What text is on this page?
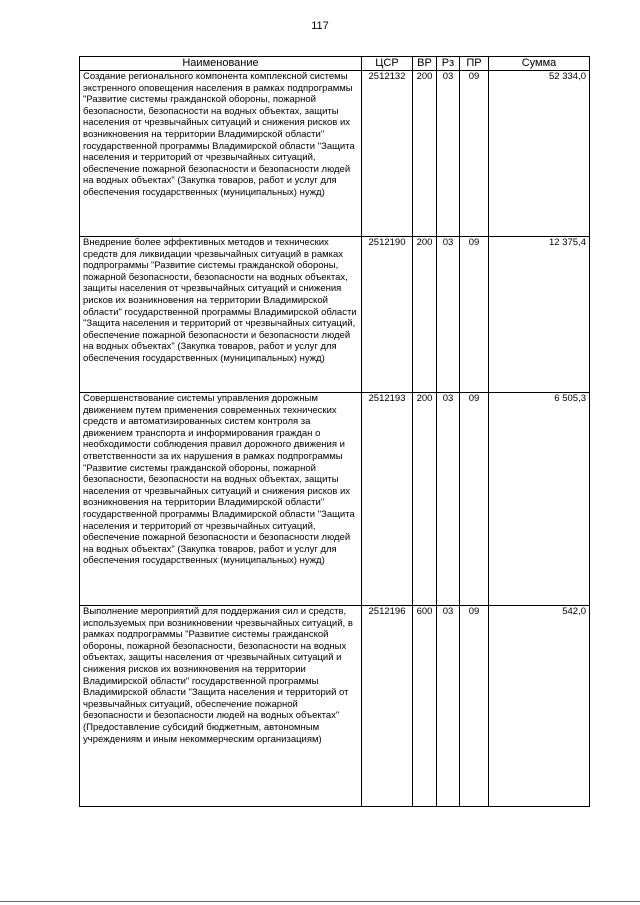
117
Наименование	ЦСР	ВР	Рз	ПР	Сумма
Создание регионального компонента комплексной системы экстренного оповещения населения в рамках подпрограммы "Развитие системы гражданской обороны, пожарной безопасности, безопасности на водных объектах, защиты населения от чрезвычайных ситуаций и снижения рисков их возникновения на территории Владимирской области" государственной программы Владимирской области "Защита населения и территорий от чрезвычайных ситуаций, обеспечение пожарной безопасности и безопасности людей на водных объектах" (Закупка товаров, работ и услуг для обеспечения государственных (муниципальных) нужд)	2512132	200	03	09	52 334,0
Внедрение более эффективных методов и технических средств для ликвидации чрезвычайных ситуаций в рамках подпрограммы "Развитие системы гражданской обороны, пожарной безопасности, безопасности на водных объектах, защиты населения от чрезвычайных ситуаций и снижения рисков их возникновения на территории Владимирской области" государственной программы Владимирской области "Защита населения и территорий от чрезвычайных ситуаций, обеспечение пожарной безопасности и безопасности людей на водных объектах" (Закупка товаров, работ и услуг для обеспечения государственных (муниципальных) нужд)	2512190	200	03	09	12 375,4
Совершенствование системы управления дорожным движением путем применения современных технических средств и автоматизированных систем контроля за движением транспорта и информирования граждан о необходимости соблюдения правил дорожного движения и ответственности за их нарушения в рамках подпрограммы "Развитие системы гражданской обороны, пожарной безопасности, безопасности на водных объектах, защиты населения от чрезвычайных ситуаций и снижения рисков их возникновения на территории Владимирской области" государственной программы Владимирской области "Защита населения и территорий от чрезвычайных ситуаций, обеспечение пожарной безопасности и безопасности людей на водных объектах" (Закупка товаров, работ и услуг для обеспечения государственных (муниципальных) нужд)	2512193	200	03	09	6 505,3
Выполнение мероприятий для поддержания сил и средств, используемых при возникновении чрезвычайных ситуаций, в рамках подпрограммы "Развитие системы гражданской обороны, пожарной безопасности, безопасности на водных объектах, защиты населения от чрезвычайных ситуаций и снижения рисков их возникновения на территории Владимирской области" государственной программы Владимирской области "Защита населения и территорий от чрезвычайных ситуаций, обеспечение пожарной безопасности и безопасности людей на водных объектах" (Предоставление субсидий бюджетным, автономным учреждениям и иным некоммерческим организациям)	2512196	600	03	09	542,0
